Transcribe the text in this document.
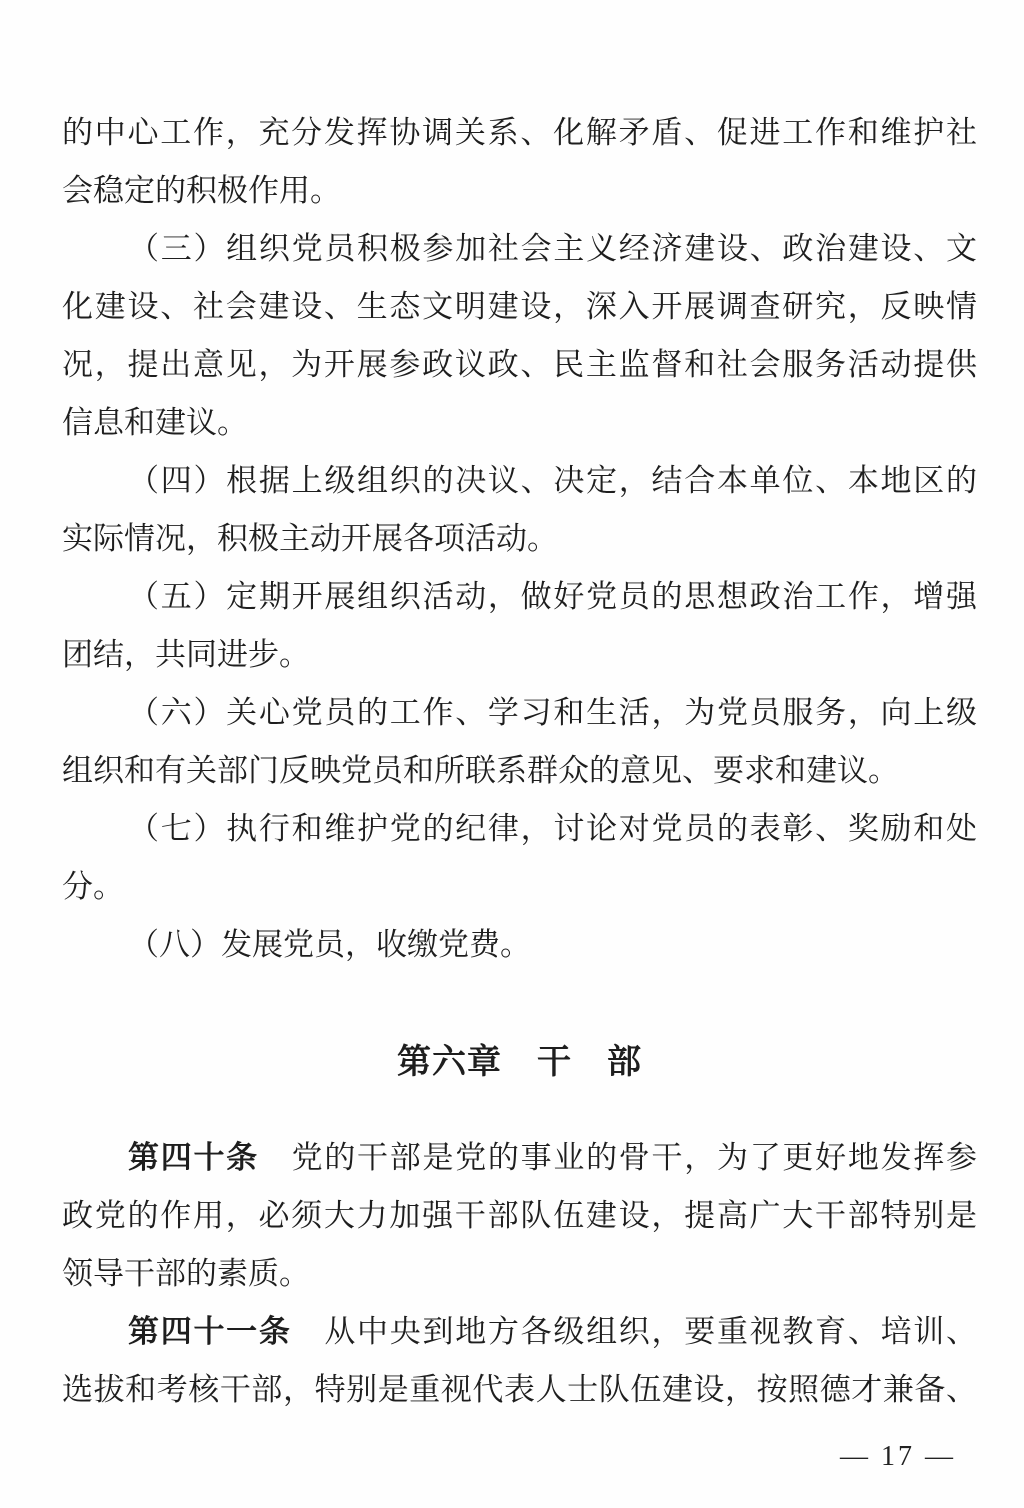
的中心工作，充分发挥协调关系、化解矛盾、促进工作和维护社
会稳定的积极作用。
（三）组织党员积极参加社会主义经济建设、政治建设、文
化建设、社会建设、生态文明建设，深入开展调查研究，反映情
况，提出意见，为开展参政议政、民主监督和社会服务活动提供
信息和建议。
（四）根据上级组织的决议、决定，结合本单位、本地区的
实际情况，积极主动开展各项活动。
（五）定期开展组织活动，做好党员的思想政治工作，增强
团结，共同进步。
（六）关心党员的工作、学习和生活，为党员服务，向上级
组织和有关部门反映党员和所联系群众的意见、要求和建议。
（七）执行和维护党的纪律，讨论对党员的表彰、奖励和处
分。
（八）发展党员，收缴党费。
第六章　干　部
第四十条　党的干部是党的事业的骨干，为了更好地发挥参
政党的作用，必须大力加强干部队伍建设，提高广大干部特别是
领导干部的素质。
第四十一条　从中央到地方各级组织，要重视教育、培训、
选拔和考核干部，特别是重视代表人士队伍建设，按照德才兼备、
— 17 —
